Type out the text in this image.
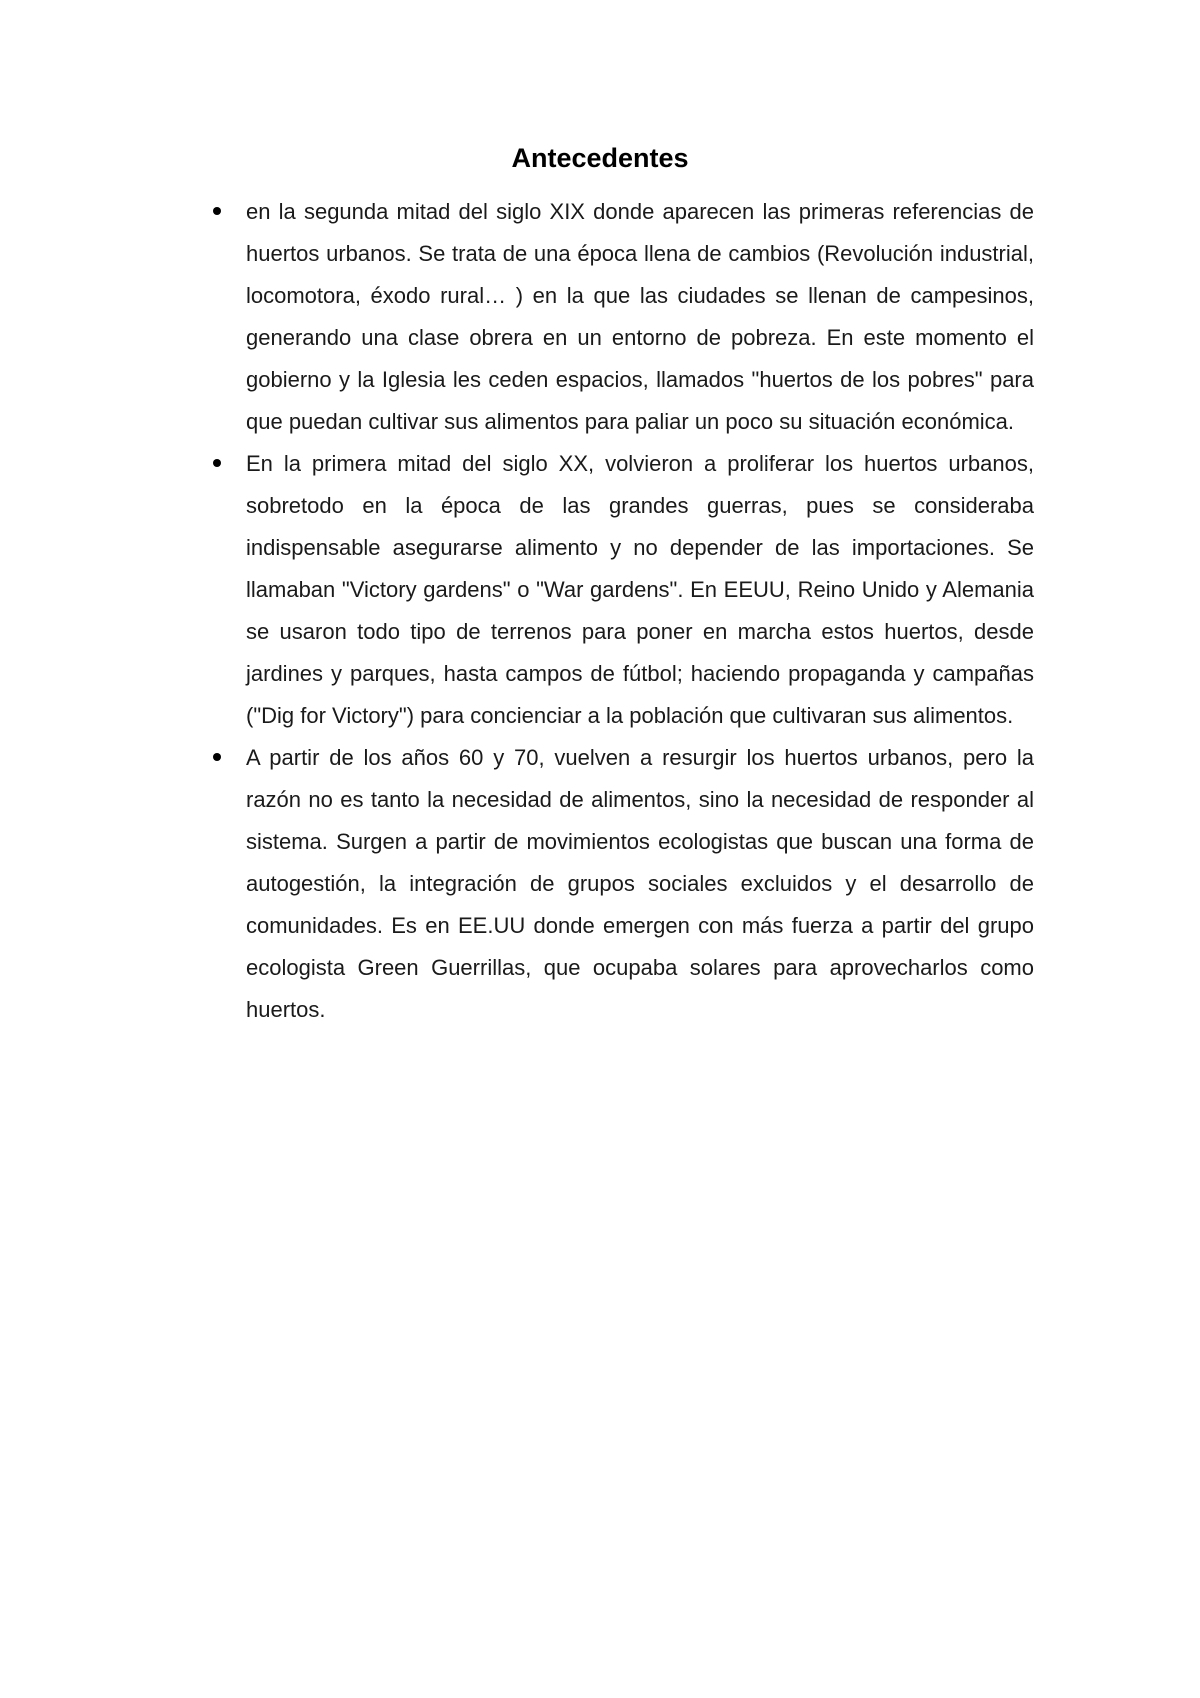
Antecedentes
en la segunda mitad del siglo XIX donde aparecen las primeras referencias de huertos urbanos. Se trata de una época llena de cambios (Revolución industrial, locomotora, éxodo rural… ) en la que las ciudades se llenan de campesinos, generando una clase obrera en un entorno de pobreza. En este momento el gobierno y la Iglesia les ceden espacios, llamados "huertos de los pobres" para que puedan cultivar sus alimentos para paliar un poco su situación económica.
En la primera mitad del siglo XX, volvieron a proliferar los huertos urbanos, sobretodo en la época de las grandes guerras, pues se consideraba indispensable asegurarse alimento y no depender de las importaciones. Se llamaban "Victory gardens" o "War gardens". En EEUU, Reino Unido y Alemania se usaron todo tipo de terrenos para poner en marcha estos huertos, desde jardines y parques, hasta campos de fútbol; haciendo propaganda y campañas ("Dig for Victory") para concienciar a la población que cultivaran sus alimentos.
A partir de los años 60 y 70, vuelven a resurgir los huertos urbanos, pero la razón no es tanto la necesidad de alimentos, sino la necesidad de responder al sistema. Surgen a partir de movimientos ecologistas que buscan una forma de autogestión, la integración de grupos sociales excluidos y el desarrollo de comunidades. Es en EE.UU donde emergen con más fuerza a partir del grupo ecologista Green Guerrillas, que ocupaba solares para aprovecharlos como huertos.
